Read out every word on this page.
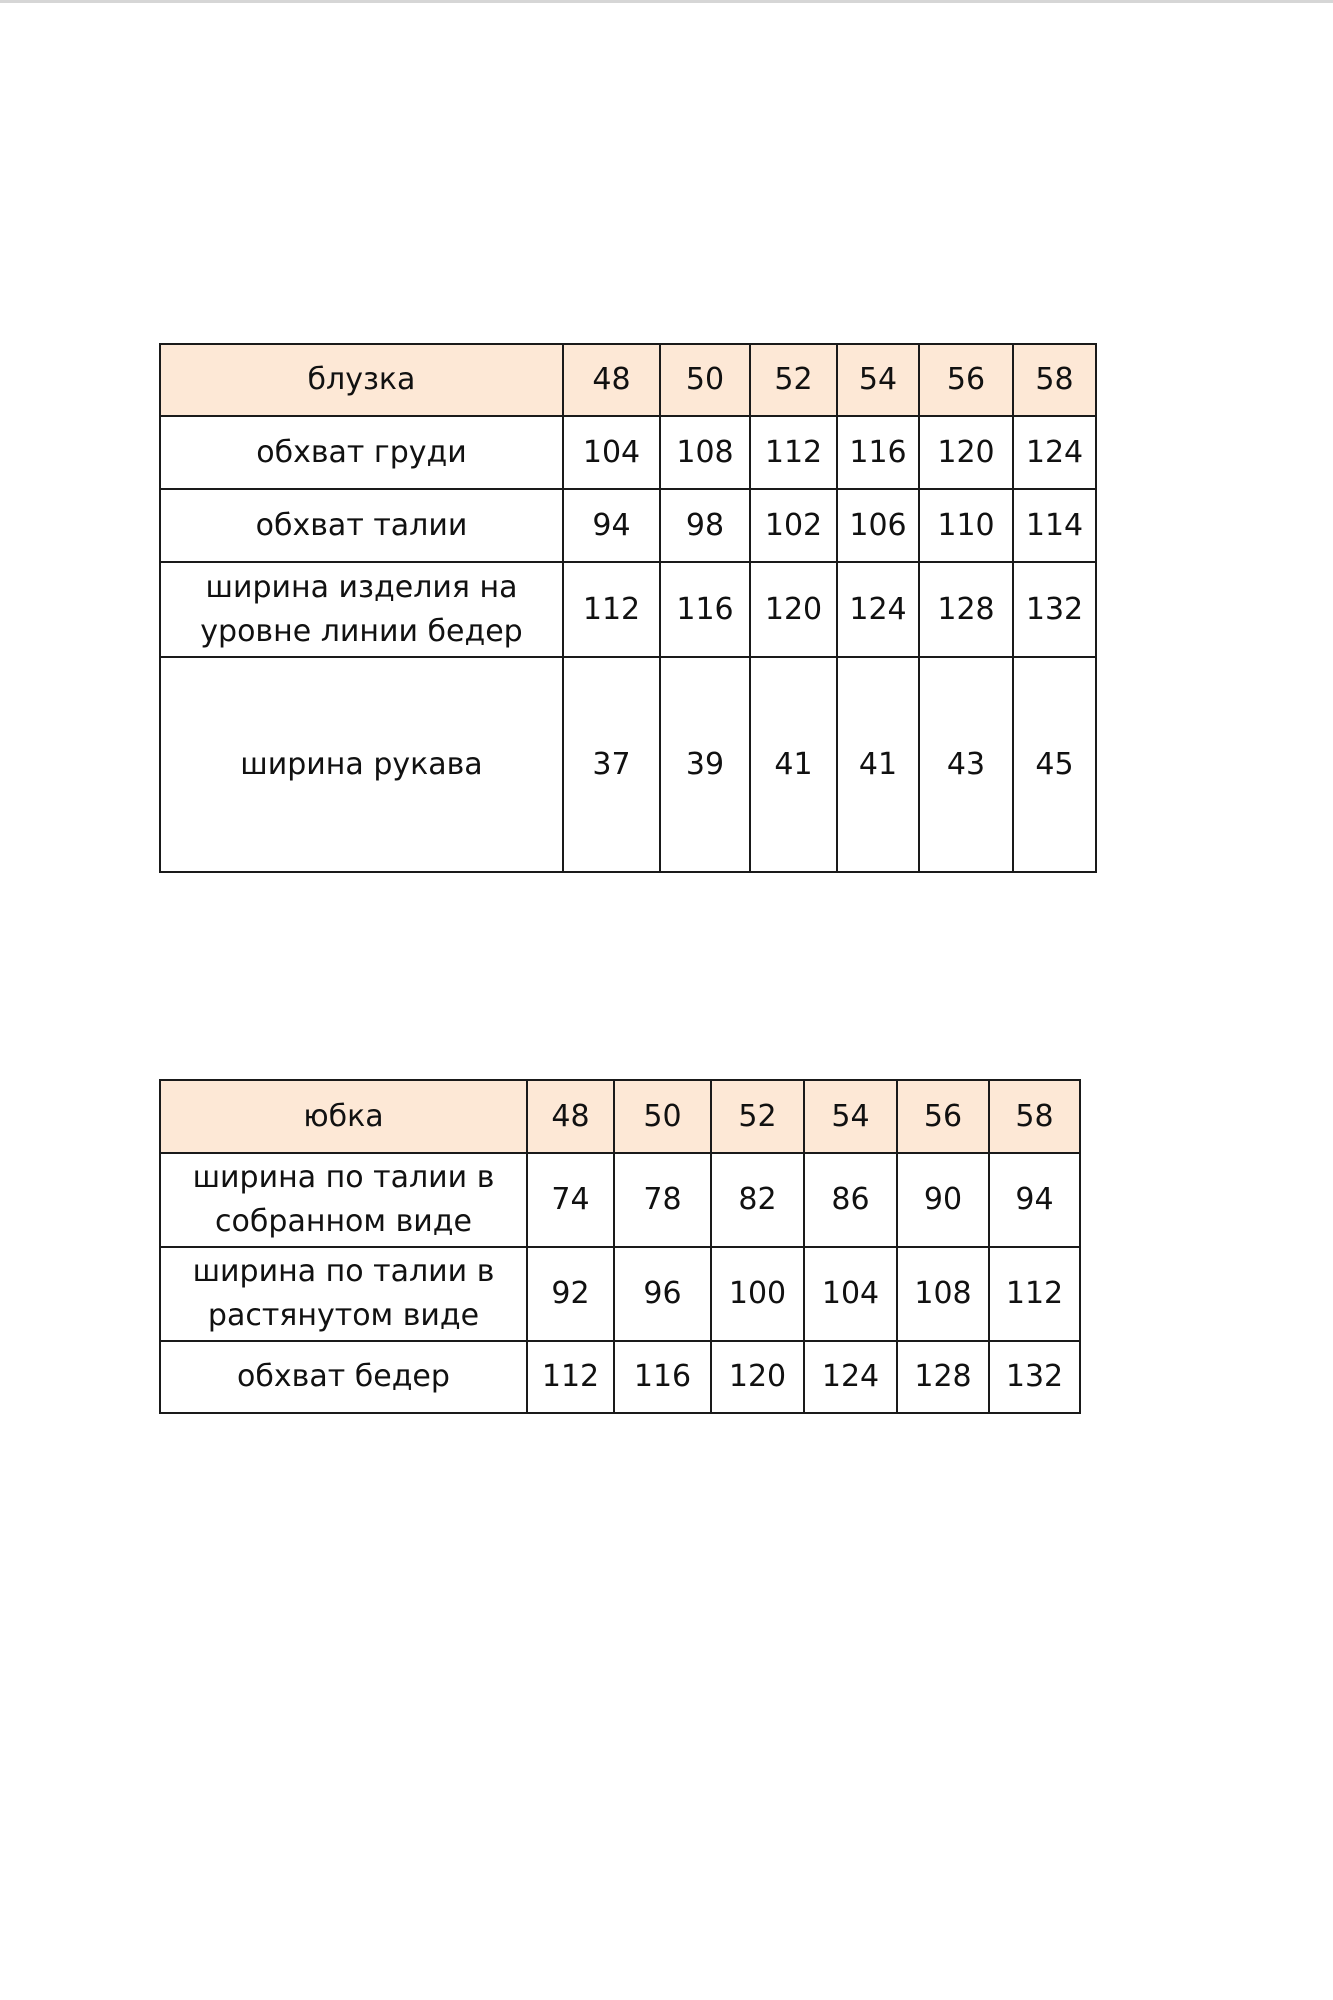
блузка	48	50	52	54	56	58
обхват груди	104	108	112	116	120	124
обхват талии	94	98	102	106	110	114

ширина изделия на
уровне линии бедер	112	116	120	124	128	132
ширина рукава	37	39	41	41	43	45
юбка	48	50	52	54	56	58

ширина по талии в
собранном виде	74	78	82	86	90	94

ширина по талии в
растянутом виде	92	96	100	104	108	112
обхват бедер	112	116	120	124	128	132
